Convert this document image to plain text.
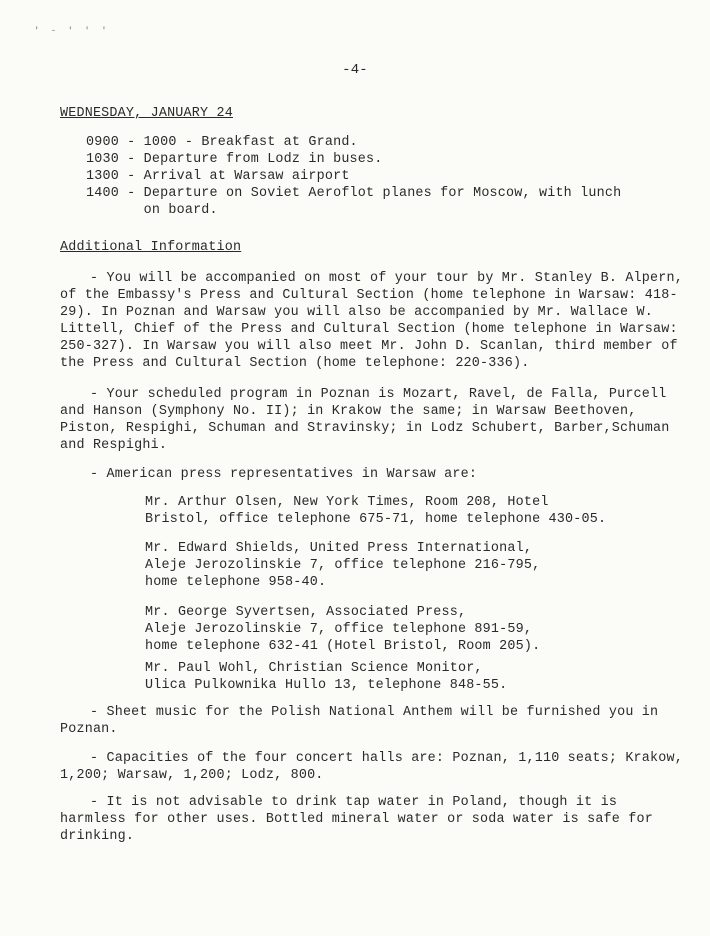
' - ' ' '
-4-
WEDNESDAY, JANUARY 24
0900 - 1000 - Breakfast at Grand.
1030 - Departure from Lodz in buses.
1300 - Arrival at Warsaw airport
1400 - Departure on Soviet Aeroflot planes for Moscow, with lunch on board.
Additional Information

- You will be accompanied on most of your tour by Mr. Stanley B. Alpern, of the Embassy's Press and Cultural Section (home telephone in Warsaw: 418-29). In Poznan and Warsaw you will also be accompanied by Mr. Wallace W. Littell, Chief of the Press and Cultural Section (home telephone in Warsaw: 250-327). In Warsaw you will also meet Mr. John D. Scanlan, third member of the Press and Cultural Section (home telephone: 220-336).

- Your scheduled program in Poznan is Mozart, Ravel, de Falla, Purcell and Hanson (Symphony No. II); in Krakow the same; in Warsaw Beethoven, Piston, Respighi, Schuman and Stravinsky; in Lodz Schubert, Barber,Schuman and Respighi.

- American press representatives in Warsaw are:

Mr. Arthur Olsen, New York Times, Room 208, Hotel
Bristol, office telephone 675-71, home telephone 430-05.
Mr. Edward Shields, United Press International,
Aleje Jerozolinskie 7, office telephone 216-795,
home telephone 958-40.
Mr. George Syvertsen, Associated Press,
Aleje Jerozolinskie 7, office telephone 891-59,
home telephone 632-41 (Hotel Bristol, Room 205).
Mr. Paul Wohl, Christian Science Monitor,
Ulica Pulkownika Hullo 13, telephone 848-55.

- Sheet music for the Polish National Anthem will be furnished you in Poznan.

- Capacities of the four concert halls are: Poznan, 1,110 seats; Krakow, 1,200; Warsaw, 1,200; Lodz, 800.

- It is not advisable to drink tap water in Poland, though it is harmless for other uses. Bottled mineral water or soda water is safe for drinking.
